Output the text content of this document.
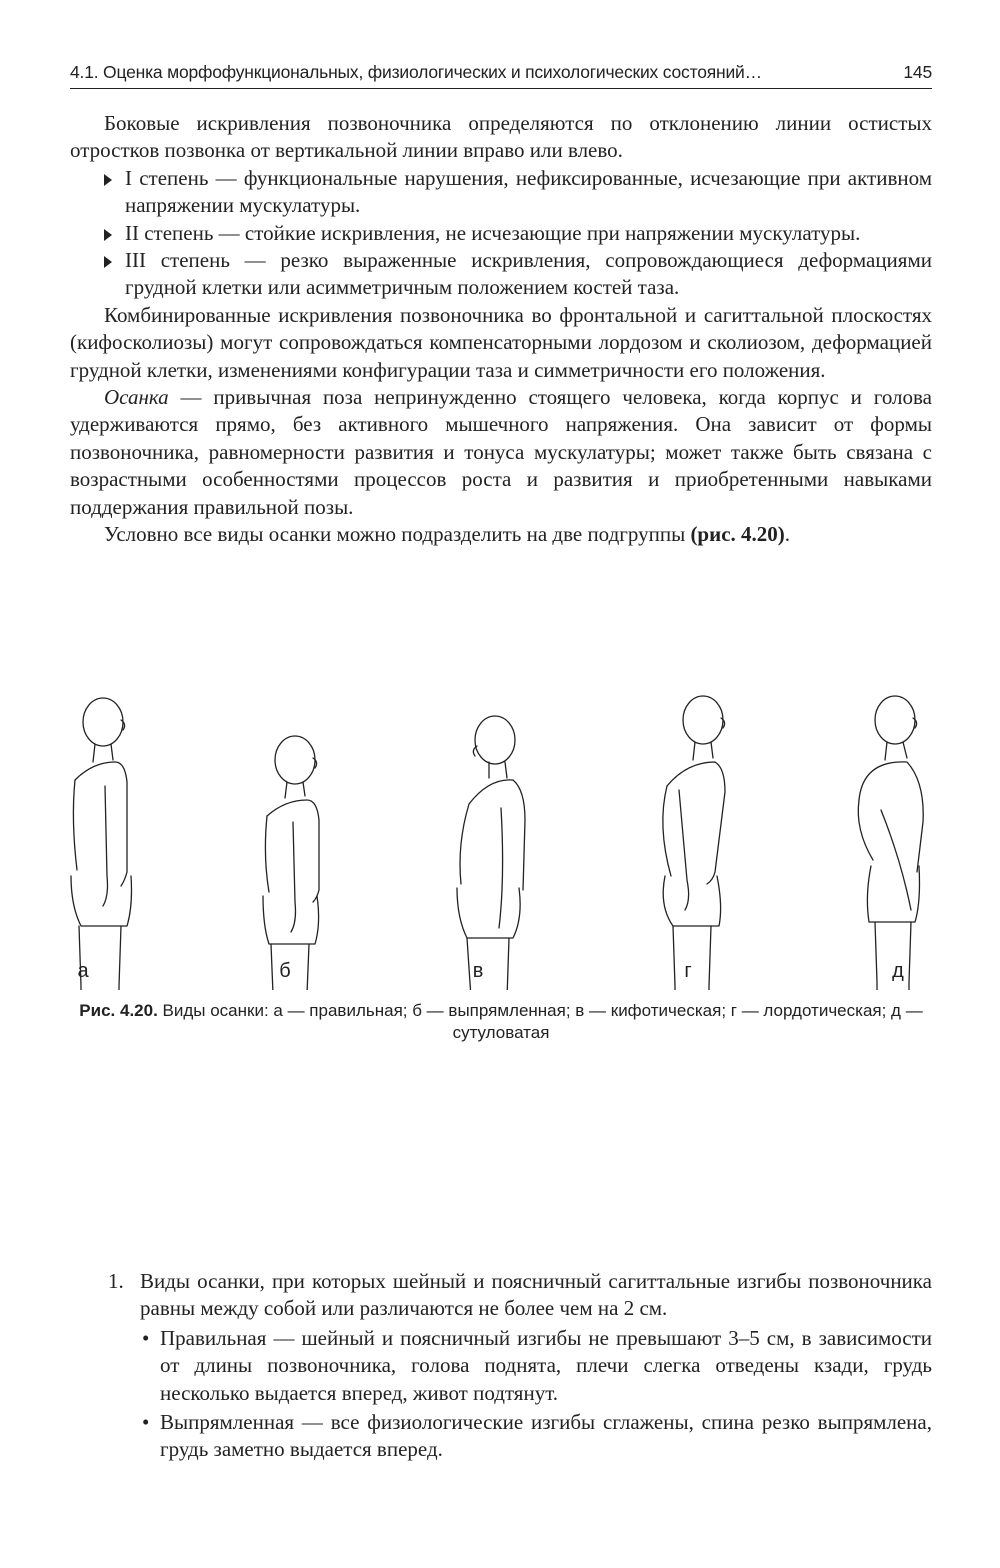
4.1. Оценка морфофункциональных, физиологических и психологических состояний…	145

Боковые искривления позвоночника определяются по отклонению линии остистых отростков позвонка от вертикальной линии вправо или влево.

I степень — функциональные нарушения, нефиксированные, исчезающие при активном напряжении мускулатуры.
II степень — стойкие искривления, не исчезающие при напряжении мускулатуры.
III степень — резко выраженные искривления, сопровождающиеся деформациями грудной клетки или асимметричным положением костей таза.

Комбинированные искривления позвоночника во фронтальной и сагиттальной плоскостях (кифосколиозы) могут сопровождаться компенсаторными лордозом и сколиозом, деформацией грудной клетки, изменениями конфигурации таза и симметричности его положения.

Осанка — привычная поза непринужденно стоящего человека, когда корпус и голова удерживаются прямо, без активного мышечного напряжения. Она зависит от формы позвоночника, равномерности развития и тонуса мускулатуры; может также быть связана с возрастными особенностями процессов роста и развития и приобретенными навыками поддержания правильной позы.

Условно все виды осанки можно подразделить на две подгруппы (рис. 4.20).

а	б	в	г	д
Рис. 4.20. Виды осанки: а — правильная; б — выпрямленная; в — кифотическая; г — лордотическая; д — сутуловатая
1. Виды осанки, при которых шейный и поясничный сагиттальные изгибы позвоночника равны между собой или различаются не более чем на 2 см.
• Правильная — шейный и поясничный изгибы не превышают 3–5 см, в зависимости от длины позвоночника, голова поднята, плечи слегка отведены кзади, грудь несколько выдается вперед, живот подтянут.
• Выпрямленная — все физиологические изгибы сглажены, спина резко выпрямлена, грудь заметно выдается вперед.
